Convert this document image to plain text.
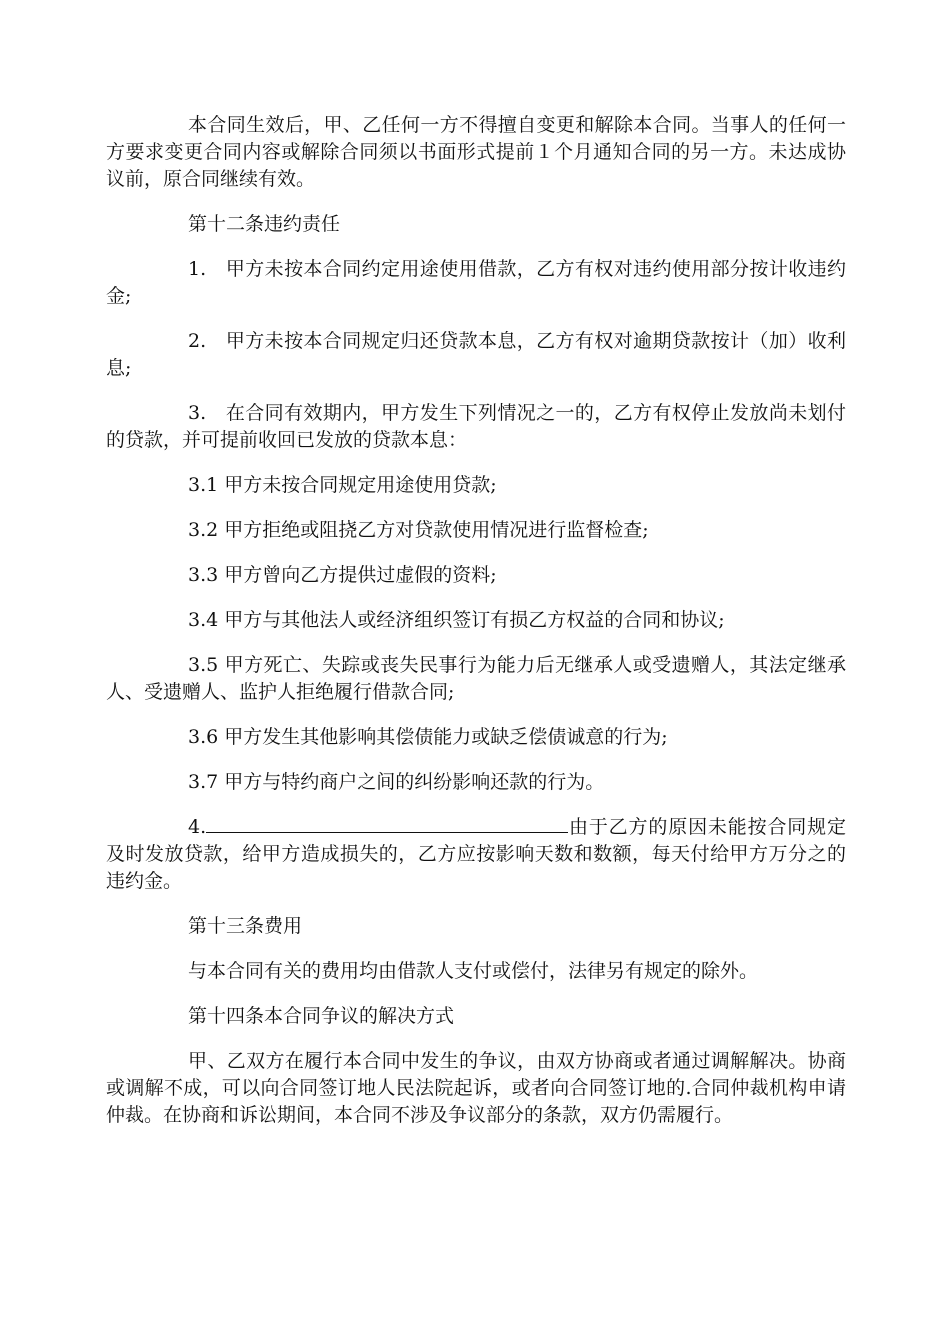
本合同生效后，甲、乙任何一方不得擅自变更和解除本合同。当事人的任何一方要求变更合同内容或解除合同须以书面形式提前１个月通知合同的另一方。未达成协议前，原合同继续有效。

第十二条违约责任

1.　甲方未按本合同约定用途使用借款，乙方有权对违约使用部分按计收违约金;

2.　甲方未按本合同规定归还贷款本息，乙方有权对逾期贷款按计（加）收利息;

3.　在合同有效期内，甲方发生下列情况之一的，乙方有权停止发放尚未划付的贷款，并可提前收回已发放的贷款本息：

3.1 甲方未按合同规定用途使用贷款;

3.2 甲方拒绝或阻挠乙方对贷款使用情况进行监督检查;

3.3 甲方曾向乙方提供过虚假的资料;

3.4 甲方与其他法人或经济组织签订有损乙方权益的合同和协议;

3.5 甲方死亡、失踪或丧失民事行为能力后无继承人或受遗赠人，其法定继承人、受遗赠人、监护人拒绝履行借款合同;

3.6 甲方发生其他影响其偿债能力或缺乏偿债诚意的行为;

3.7 甲方与特约商户之间的纠纷影响还款的行为。

4.	由于乙方的原因未能按合同规定及时发放贷款，给甲方造成损失的，乙方应按影响天数和数额，每天付给甲方万分之的违约金。

第十三条费用

与本合同有关的费用均由借款人支付或偿付，法律另有规定的除外。

第十四条本合同争议的解决方式

甲、乙双方在履行本合同中发生的争议，由双方协商或者通过调解解决。协商或调解不成，可以向合同签订地人民法院起诉，或者向合同签订地的.合同仲裁机构申请仲裁。在协商和诉讼期间，本合同不涉及争议部分的条款，双方仍需履行。
